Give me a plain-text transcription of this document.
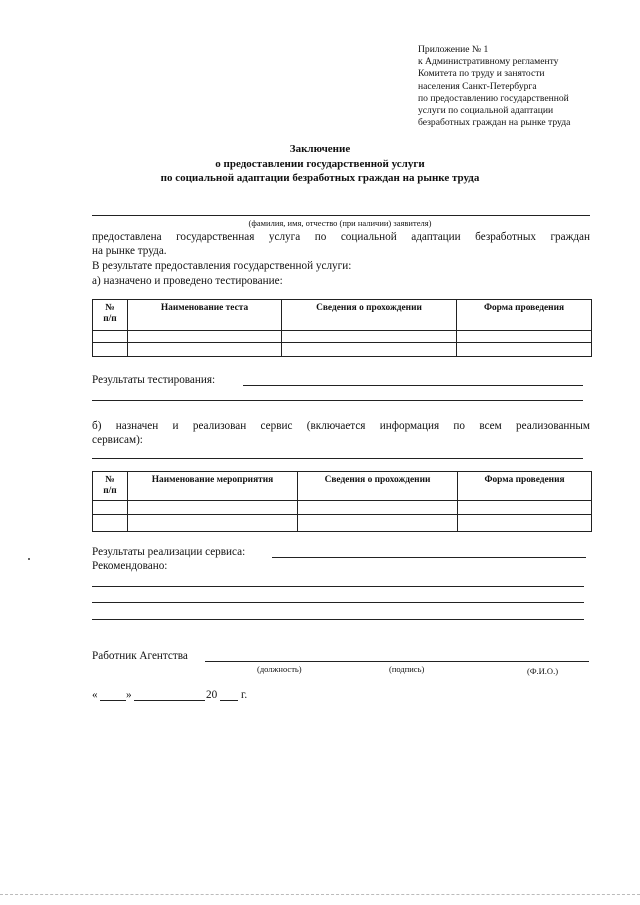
Приложение № 1
к Административному регламенту
Комитета по труду и занятости
населения Санкт-Петербурга
по предоставлению государственной
услуги по социальной адаптации
безработных граждан на рынке труда
Заключение
о предоставлении государственной услуги
по социальной адаптации безработных граждан на рынке труда
(фамилия, имя, отчество (при наличии) заявителя)
предоставлена государственная услуга по социальной адаптации безработных граждан
на рынке труда.
В результате предоставления государственной услуги:
а) назначено и проведено тестирование:
№
п/п	Наименование теста	Сведения о прохождении	Форма проведения

Результаты тестирования:
б) назначен и реализован сервис (включается информация по всем реализованным
сервисам):
№
п/п	Наименование мероприятия	Сведения о прохождении	Форма проведения

Результаты реализации сервиса:
Рекомендовано:
Работник Агентства
(должность)	(подпись)	(Ф.И.О.)
«	»	20 г.
